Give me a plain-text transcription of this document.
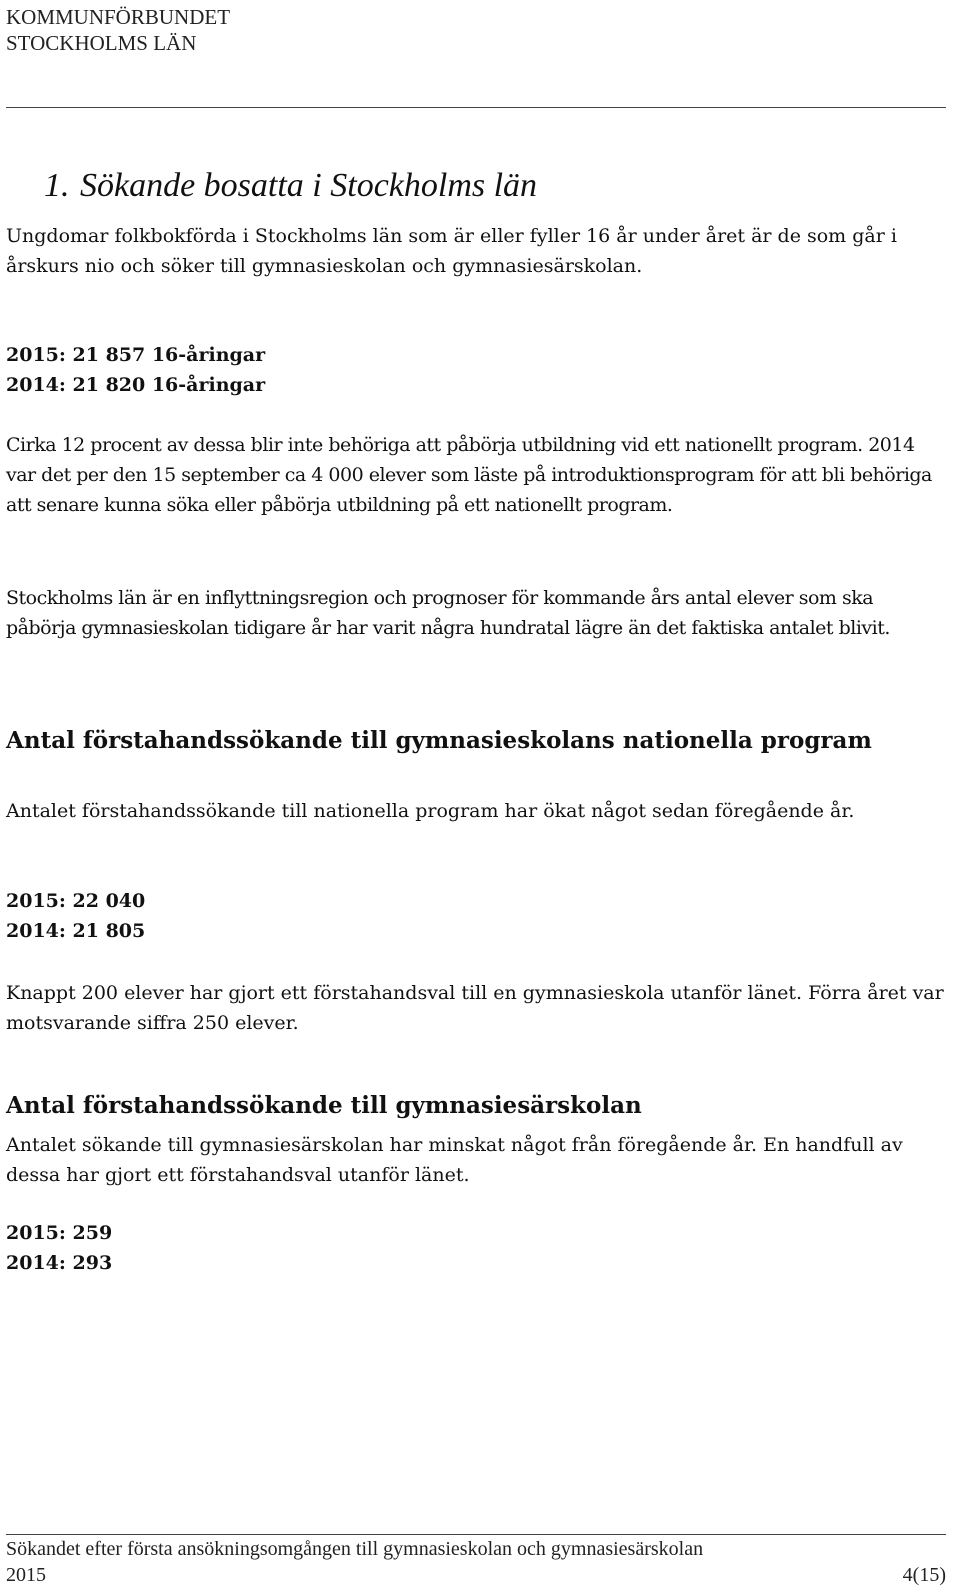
KOMMUNFÖRBUNDET
STOCKHOLMS LÄN
1. Sökande bosatta i Stockholms län

Ungdomar folkbokförda i Stockholms län som är eller fyller 16 år under året är de som går i årskurs nio och söker till gymnasieskolan och gymnasiesärskolan.

2015: 21 857 16-åringar
2014: 21 820 16-åringar

Cirka 12 procent av dessa blir inte behöriga att påbörja utbildning vid ett nationellt program. 2014 var det per den 15 september ca 4 000 elever som läste på introduktionsprogram för att bli behöriga att senare kunna söka eller påbörja utbildning på ett nationellt program.

Stockholms län är en inflyttningsregion och prognoser för kommande års antal elever som ska påbörja gymnasieskolan tidigare år har varit några hundratal lägre än det faktiska antalet blivit.

Antal förstahandssökande till gymnasieskolans nationella program

Antalet förstahandssökande till nationella program har ökat något sedan föregående år.

2015: 22 040
2014: 21 805

Knappt 200 elever har gjort ett förstahandsval till en gymnasieskola utanför länet. Förra året var motsvarande siffra 250 elever.

Antal förstahandssökande till gymnasiesärskolan

Antalet sökande till gymnasiesärskolan har minskat något från föregående år. En handfull av dessa har gjort ett förstahandsval utanför länet.

2015: 259
2014: 293
Sökandet efter första ansökningsomgången till gymnasieskolan och gymnasiesärskolan
2015	4(15)
